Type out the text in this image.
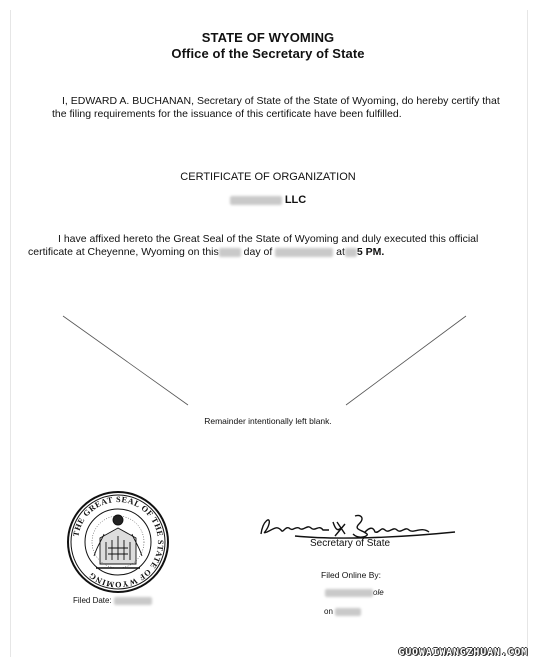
STATE OF WYOMING
Office of the Secretary of State
I, EDWARD A. BUCHANAN, Secretary of State of the State of Wyoming, do hereby certify that the filing requirements for the issuance of this certificate have been fulfilled.
CERTIFICATE OF ORGANIZATION
LLC
I have affixed hereto the Great Seal of the State of Wyoming and duly executed this official
certificate at Cheyenne, Wyoming on this day of	at 5 PM.
Remainder intentionally left blank.
THE GREAT SEAL OF THE STATE OF WYOMING
Filed Date:
Secretary of State
Filed Online By:
ole
on
GUOWAIWANGZHUAN.COM
